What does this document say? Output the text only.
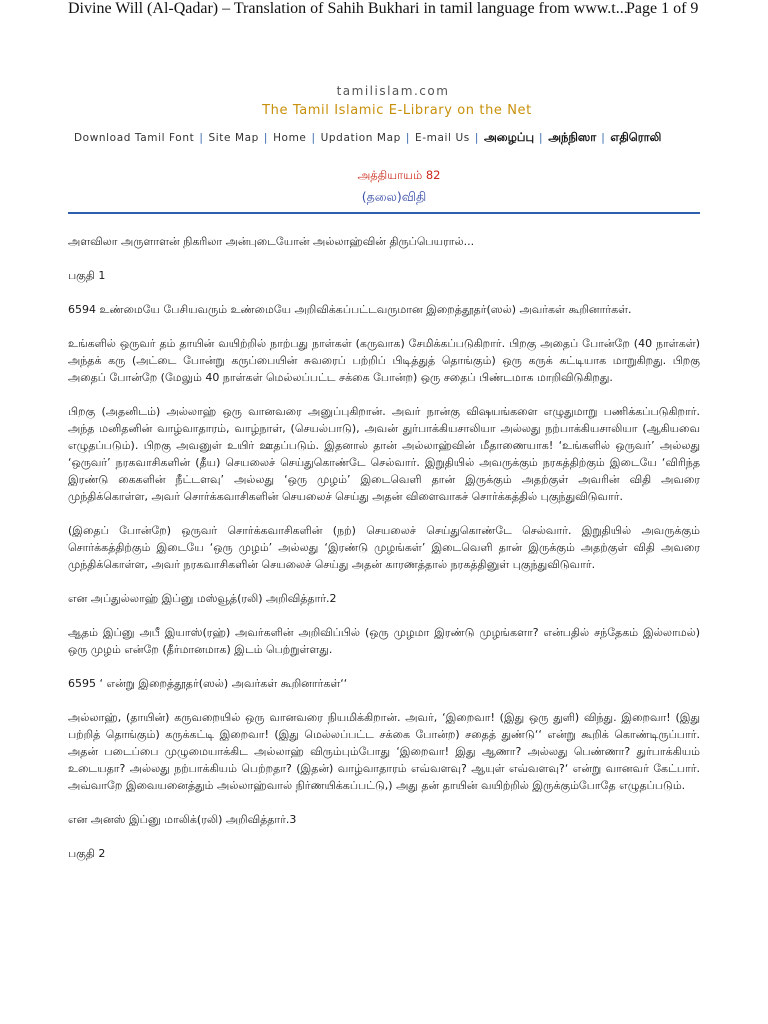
Divine Will (Al-Qadar) – Translation of Sahih Bukhari in tamil language from www.t...
Page 1 of 9
tamilislam.com
The Tamil Islamic E-Library on the Net
Download Tamil Font | Site Map | Home | Updation Map | E-mail Us | அழைப்பு | அந்நிஸா | எதிரொலி
அத்தியாயம் 82
(தலை)விதி

அளவிலா அருளாளன் நிகரிலா அன்புடையோன் அல்லாஹ்வின் திருப்பெயரால்...

பகுதி 1

6594 உண்மையே பேசியவரும் உண்மையே அறிவிக்கப்பட்டவருமான இறைத்தூதர்(ஸல்) அவர்கள் கூறினார்கள்.

உங்களில் ஒருவர் தம் தாயின் வயிற்றில் நாற்பது நாள்கள் (கருவாக) சேமிக்கப்படுகிறார். பிறகு அதைப் போன்றே (40 நாள்கள்) அந்தக் கரு (அட்டை போன்று கருப்பையின் சுவரைப் பற்றிப் பிடித்துத் தொங்கும்) ஒரு கருக் கட்டியாக மாறுகிறது. பிறகு அதைப் போன்றே (மேலும் 40 நாள்கள் மெல்லப்பட்ட சக்கை போன்ற) ஒரு சதைப் பிண்டமாக மாறிவிடுகிறது.

பிறகு (அதனிடம்) அல்லாஹ் ஒரு வானவரை அனுப்புகிறான். அவர் நான்கு விஷயங்களை எழுதுமாறு பணிக்கப்படுகிறார். அந்த மனிதனின் வாழ்வாதாரம், வாழ்நாள், (செயல்பாடு), அவன் துர்பாக்கியசாலியா அல்லது நற்பாக்கியசாலியா (ஆகியவை எழுதப்படும்). பிறகு அவனுள் உயிர் ஊதப்படும். இதனால் தான் அல்லாஹ்வின் மீதாணையாக! ‘உங்களில் ஒருவர்’ அல்லது ‘ஒருவர்’ நரகவாசிகளின் (தீய) செயலைச் செய்துகொண்டே செல்வார். இறுதியில் அவருக்கும் நரகத்திற்கும் இடையே ‘விரிந்த இரண்டு கைகளின் நீட்டளவு’ அல்லது ‘ஒரு முழம்’ இடைவெளி தான் இருக்கும் அதற்குள் அவரின் விதி அவரை முந்திக்கொள்ள, அவர் சொர்க்கவாசிகளின் செயலைச் செய்து அதன் விளைவாகச் சொர்க்கத்தில் புகுந்துவிடுவார்.

(இதைப் போன்றே) ஒருவர் சொர்க்கவாசிகளின் (நற்) செயலைச் செய்துகொண்டே செல்வார். இறுதியில் அவருக்கும் சொர்க்கத்திற்கும் இடையே ‘ஒரு முழம்’ அல்லது ‘இரண்டு முழங்கள்’ இடைவெளி தான் இருக்கும் அதற்குள் விதி அவரை முந்திக்கொள்ள, அவர் நரகவாசிகளின் செயலைச் செய்து அதன் காரணத்தால் நரகத்தினுள் புகுந்துவிடுவார்.

என அப்துல்லாஹ் இப்னு மஸ்வூத்(ரலி) அறிவித்தார்.2

ஆதம் இப்னு அபீ இயாஸ்(ரஹ்) அவர்களின் அறிவிப்பில் (ஒரு முழமா இரண்டு முழங்களா? என்பதில் சந்தேகம் இல்லாமல்) ஒரு முழம் என்றே (தீர்மானமாக) இடம் பெற்றுள்ளது.

6595 ‘ என்று இறைத்தூதர்(ஸல்) அவர்கள் கூறினார்கள்‘‘

அல்லாஹ், (தாயின்) கருவறையில் ஒரு வானவரை நியமிக்கிறான். அவர், ‘இறைவா! (இது ஒரு துளி) விந்து. இறைவா! (இது பற்றித் தொங்கும்) கருக்கட்டி இறைவா! (இது மெல்லப்பட்ட சக்கை போன்ற) சதைத் துண்டு‘‘ என்று கூறிக் கொண்டிருப்பார். அதன் படைப்பை முழுமையாக்கிட அல்லாஹ் விரும்பும்போது ‘இறைவா! இது ஆணா? அல்லது பெண்ணா? துர்பாக்கியம் உடையதா? அல்லது நற்பாக்கியம் பெற்றதா? (இதன்) வாழ்வாதாரம் எவ்வளவு? ஆயுள் எவ்வளவு?‘ என்று வானவர் கேட்பார். அவ்வாறே இவையனைத்தும் அல்லாஹ்வால் நிர்ணயிக்கப்பட்டு,) அது தன் தாயின் வயிற்றில் இருக்கும்போதே எழுதப்படும்.

என அனஸ் இப்னு மாலிக்(ரலி) அறிவித்தார்.3

பகுதி 2
